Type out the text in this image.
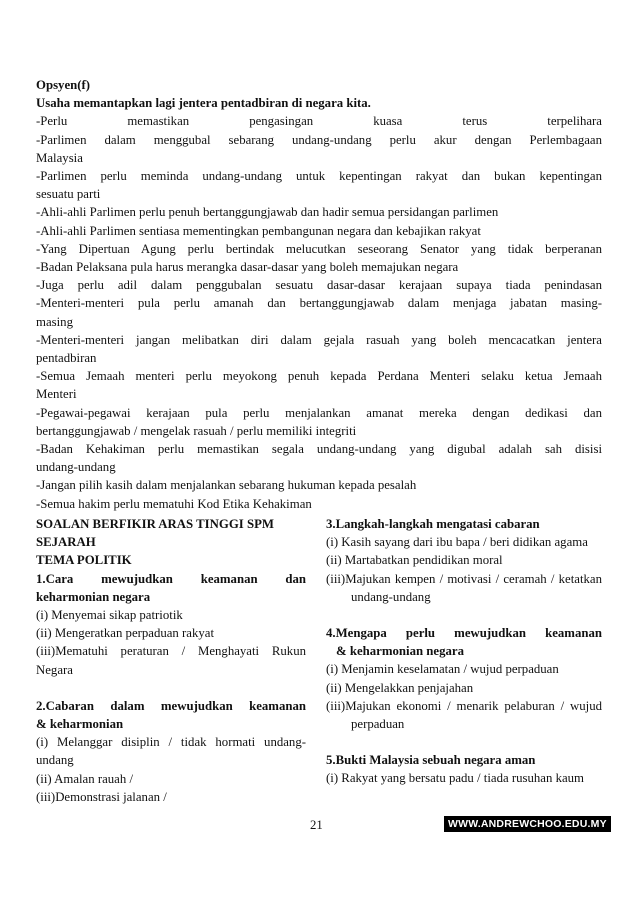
Opsyen(f)
Usaha memantapkan lagi jentera pentadbiran di negara kita.
-Perlu memastikan pengasingan kuasa terus terpelihara
-Parlimen dalam menggubal sebarang undang-undang perlu akur dengan Perlembagaan
Malaysia
-Parlimen perlu meminda undang-undang untuk kepentingan rakyat dan bukan kepentingan
sesuatu parti
-Ahli-ahli Parlimen perlu penuh bertanggungjawab dan hadir semua persidangan parlimen
-Ahli-ahli Parlimen sentiasa mementingkan pembangunan negara dan kebajikan rakyat
-Yang Dipertuan Agung perlu bertindak melucutkan seseorang Senator yang tidak berperanan
-Badan Pelaksana pula harus merangka dasar-dasar yang boleh memajukan negara
-Juga perlu adil dalam penggubalan sesuatu dasar-dasar kerajaan supaya tiada penindasan
-Menteri-menteri pula perlu amanah dan bertanggungjawab dalam menjaga jabatan masing-
masing
-Menteri-menteri jangan melibatkan diri dalam gejala rasuah yang boleh mencacatkan jentera
pentadbiran
-Semua Jemaah menteri perlu meyokong penuh kepada Perdana Menteri selaku ketua Jemaah
Menteri
-Pegawai-pegawai kerajaan pula perlu menjalankan amanat mereka dengan dedikasi dan
bertanggungjawab / mengelak rasuah / perlu memiliki integriti
-Badan Kehakiman perlu memastikan segala undang-undang yang digubal adalah sah disisi
undang-undang
-Jangan pilih kasih dalam menjalankan sebarang hukuman kepada pesalah
-Semua hakim perlu mematuhi Kod Etika Kehakiman
SOALAN BERFIKIR ARAS TINGGI SPM
SEJARAH
TEMA POLITIK
1.Cara mewujudkan keamanan dan
keharmonian negara
(i) Menyemai sikap patriotik
(ii) Mengeratkan perpaduan rakyat
(iii)Mematuhi peraturan / Menghayati Rukun
Negara
2.Cabaran dalam mewujudkan keamanan
& keharmonian
(i) Melanggar disiplin / tidak hormati undang-
undang
(ii) Amalan rauah /
(iii)Demonstrasi jalanan /
3.Langkah-langkah mengatasi cabaran
(i) Kasih sayang dari ibu bapa / beri didikan agama
(ii) Martabatkan pendidikan moral
(iii)Majukan kempen / motivasi / ceramah / ketatkan undang-undang
4.Mengapa perlu mewujudkan keamanan
& keharmonian negara
(i) Menjamin keselamatan / wujud perpaduan
(ii) Mengelakkan penjajahan
(iii)Majukan ekonomi / menarik pelaburan / wujud perpaduan
5.Bukti Malaysia sebuah negara aman
(i) Rakyat yang bersatu padu / tiada rusuhan kaum
21	WWW.ANDREWCHOO.EDU.MY
